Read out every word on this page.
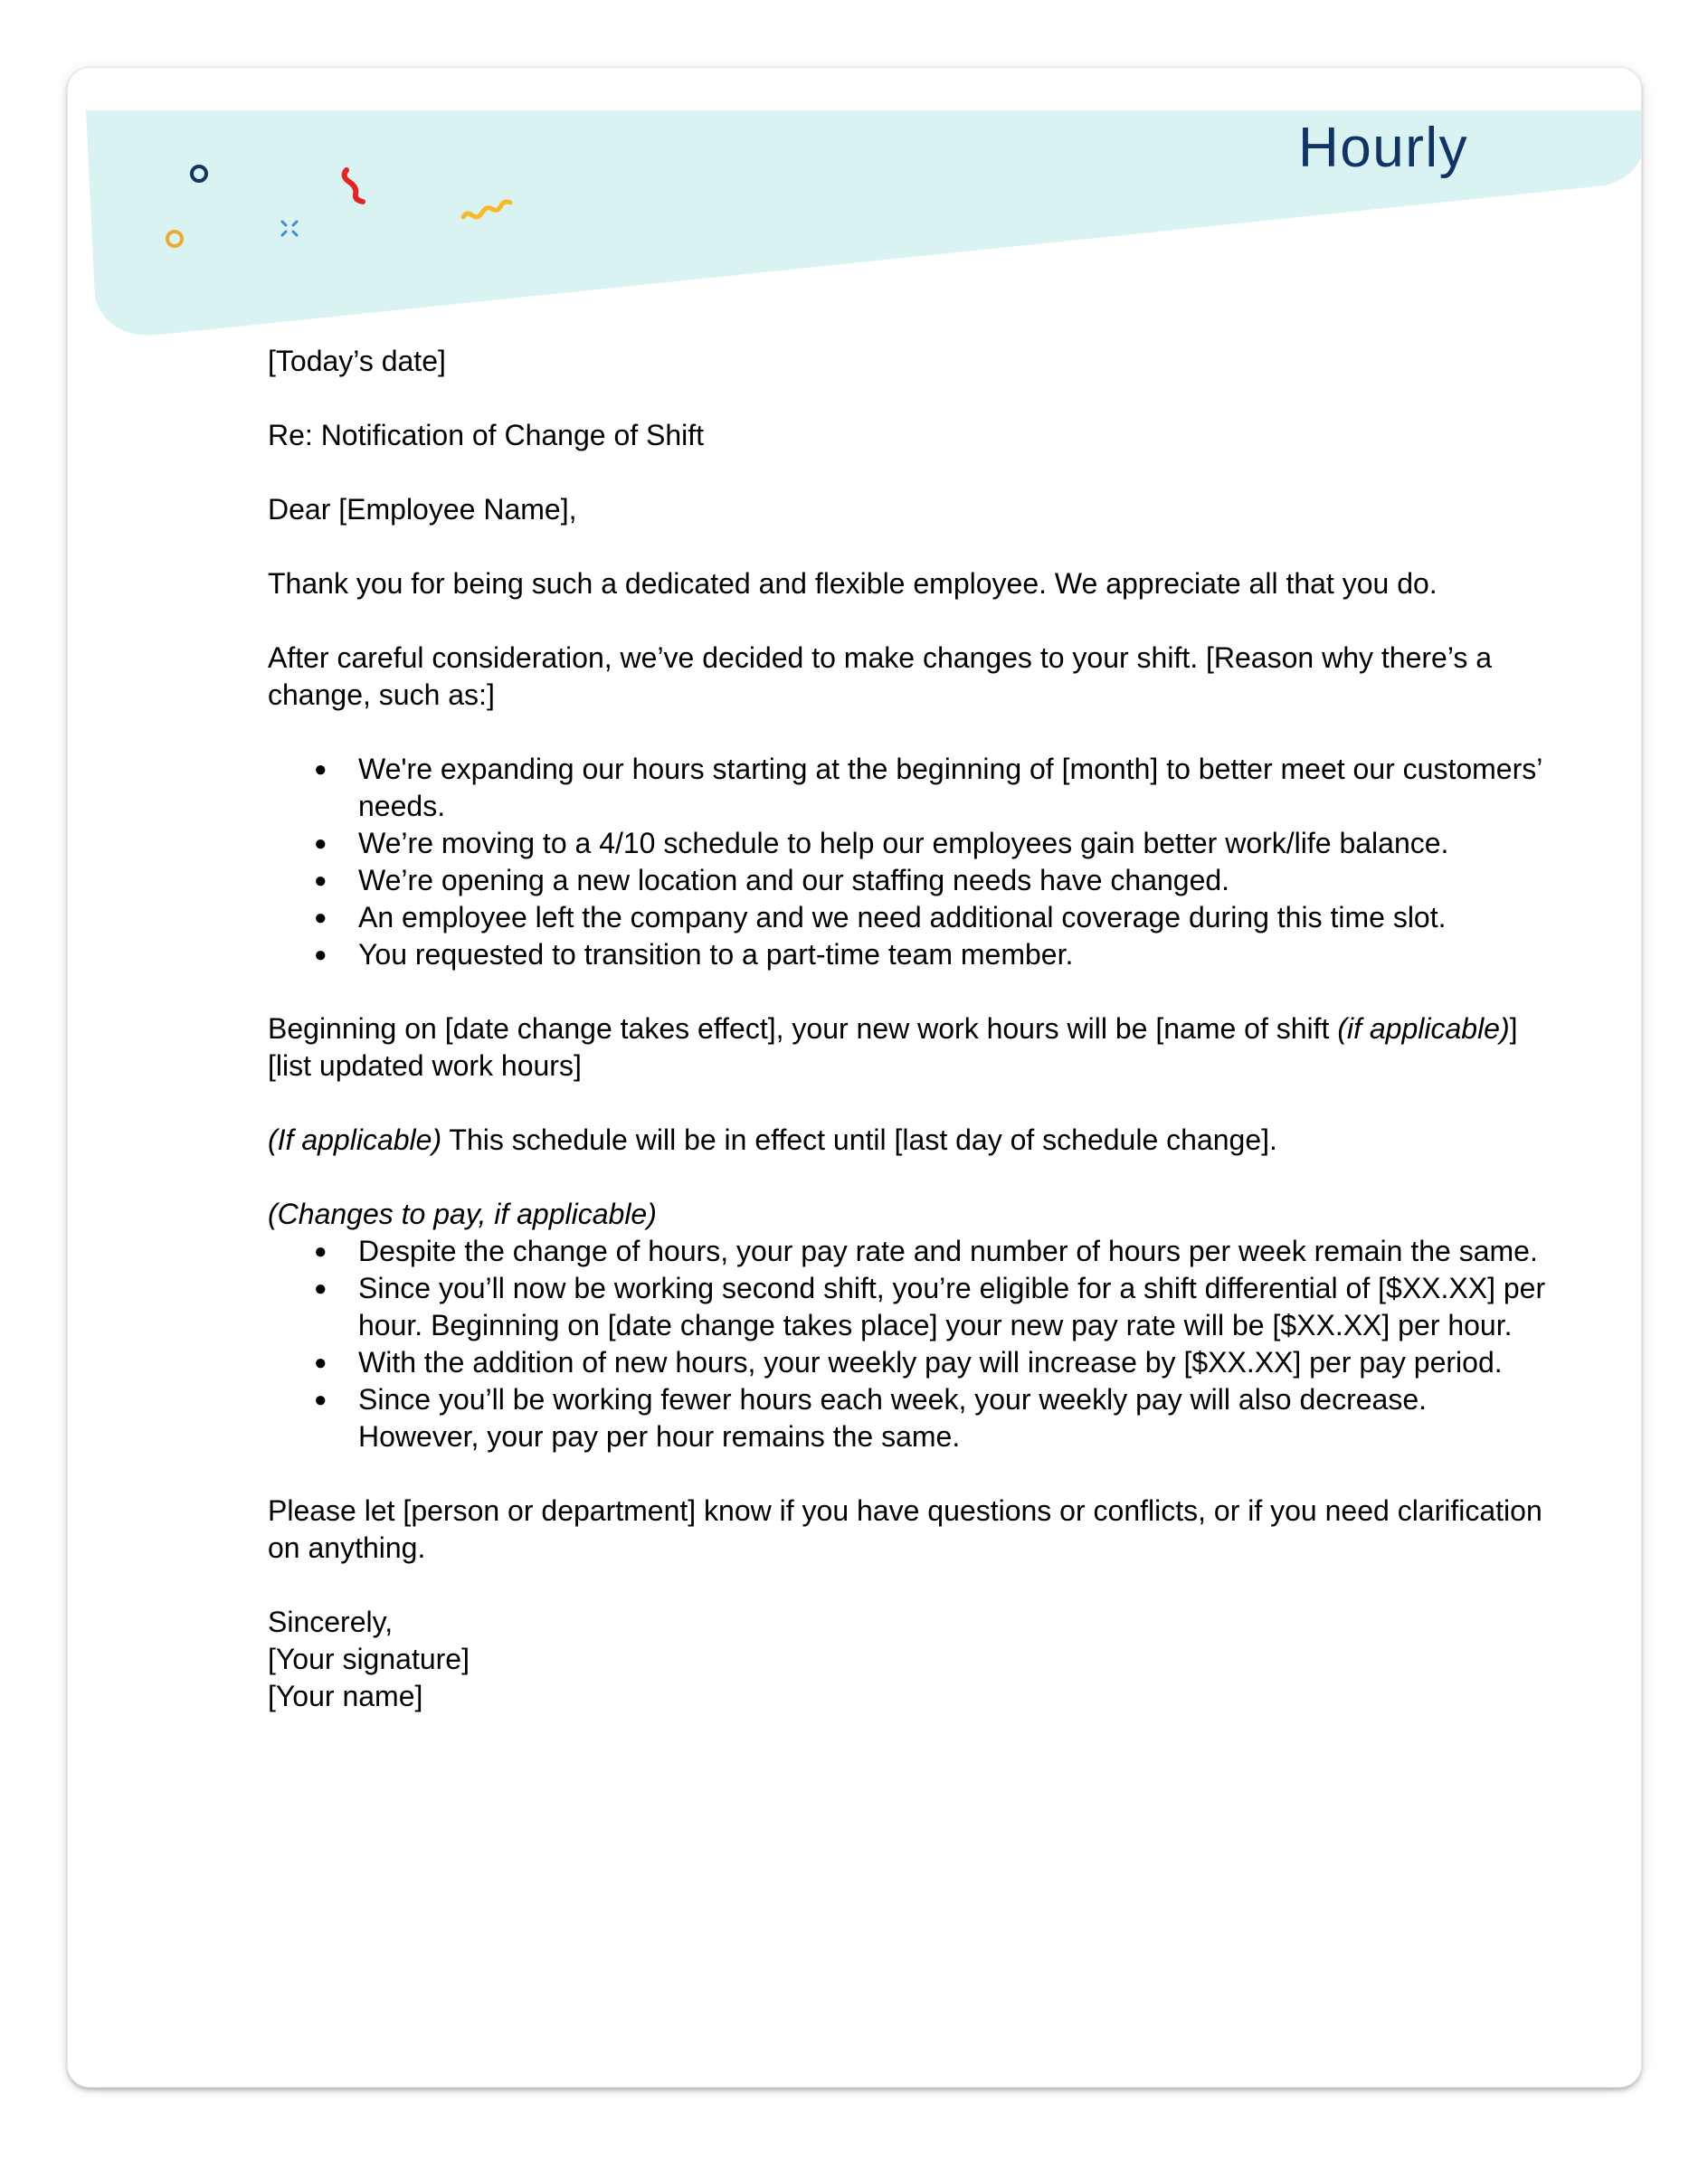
Hourly

[Today’s date]

Re: Notification of Change of Shift

Dear [Employee Name],

Thank you for being such a dedicated and flexible employee. We appreciate all that you do.

After careful consideration, we’ve decided to make changes to your shift. [Reason why there’s a change, such as:]

● We're expanding our hours starting at the beginning of [month] to better meet our customers’ needs.
● We’re moving to a 4/10 schedule to help our employees gain better work/life balance.
● We’re opening a new location and our staffing needs have changed.
● An employee left the company and we need additional coverage during this time slot.
● You requested to transition to a part-time team member.

Beginning on [date change takes effect], your new work hours will be [name of shift (if applicable)] [list updated work hours]

(If applicable) This schedule will be in effect until [last day of schedule change].

(Changes to pay, if applicable)

● Despite the change of hours, your pay rate and number of hours per week remain the same.
● Since you’ll now be working second shift, you’re eligible for a shift differential of [$XX.XX] per hour. Beginning on [date change takes place] your new pay rate will be [$XX.XX] per hour.
● With the addition of new hours, your weekly pay will increase by [$XX.XX] per pay period.
● Since you’ll be working fewer hours each week, your weekly pay will also decrease. However, your pay per hour remains the same.

Please let [person or department] know if you have questions or conflicts, or if you need clarification on anything.

Sincerely,
[Your signature]
[Your name]
